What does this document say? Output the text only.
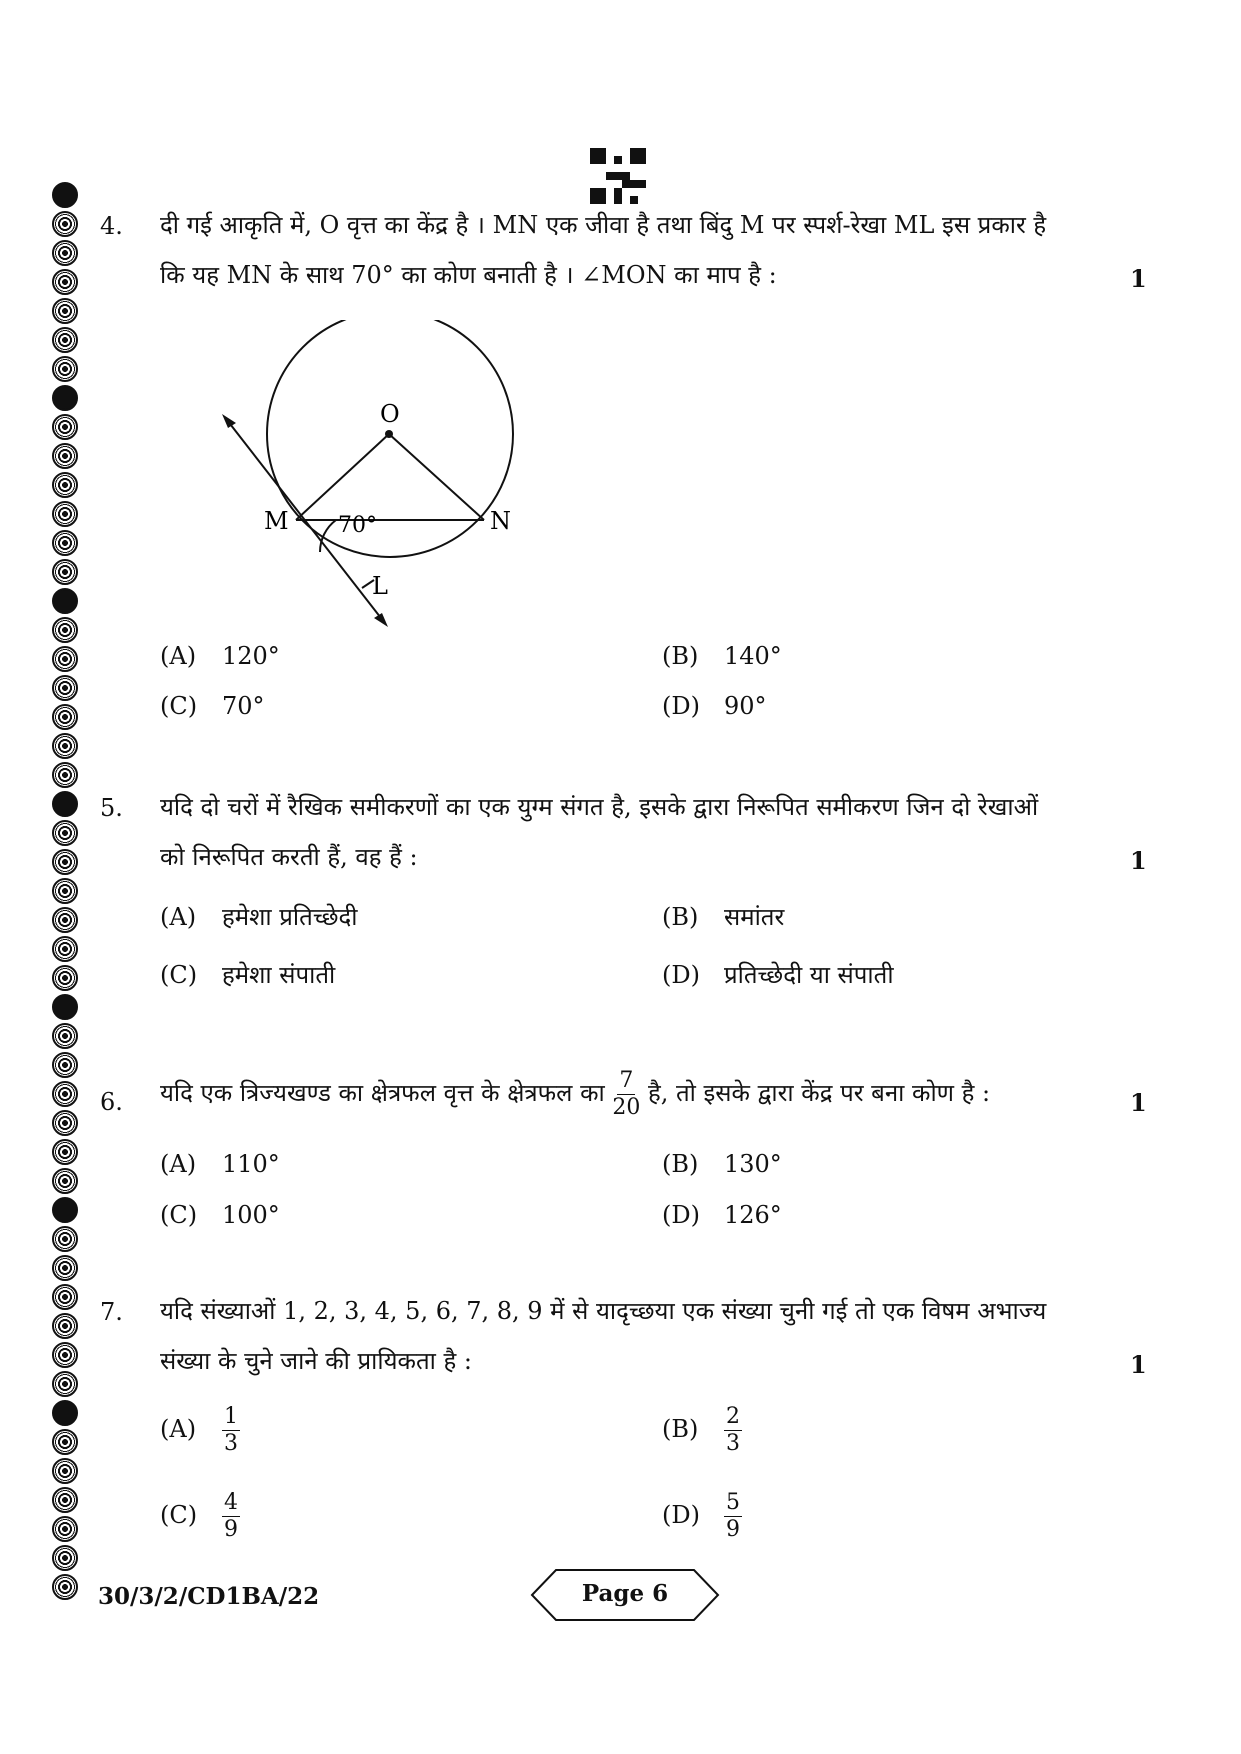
4. दी गई आकृति में, O वृत्त का केंद्र है । MN एक जीवा है तथा बिंदु M पर स्पर्श-रेखा ML इस प्रकार है
कि यह MN के साथ 70° का कोण बनाती है । ∠MON का माप है :	1
O
M	N
70°
L
(A) 120°	(B) 140°
(C) 70°	(D) 90°
5. यदि दो चरों में रैखिक समीकरणों का एक युग्म संगत है, इसके द्वारा निरूपित समीकरण जिन दो रेखाओं
को निरूपित करती हैं, वह हैं :	1
(A) हमेशा प्रतिच्छेदी	(B) समांतर
(C) हमेशा संपाती	(D) प्रतिच्छेदी या संपाती
6. यदि एक त्रिज्यखण्ड का क्षेत्रफल वृत्त के क्षेत्रफल का $\frac{7}{20}$ है, तो इसके द्वारा केंद्र पर बना कोण है :	1
(A) 110°	(B) 130°
(C) 100°	(D) 126°
7. यदि संख्याओं 1, 2, 3, 4, 5, 6, 7, 8, 9 में से यादृच्छया एक संख्या चुनी गई तो एक विषम अभाज्य
संख्या के चुने जाने की प्रायिकता है :	1
$(A) \frac{1}{3}$	$(B) \frac{2}{3}$
$(C) \frac{4}{9}$	$(D) \frac{5}{9}$
30/3/2/CD1BA/22	Page 6
